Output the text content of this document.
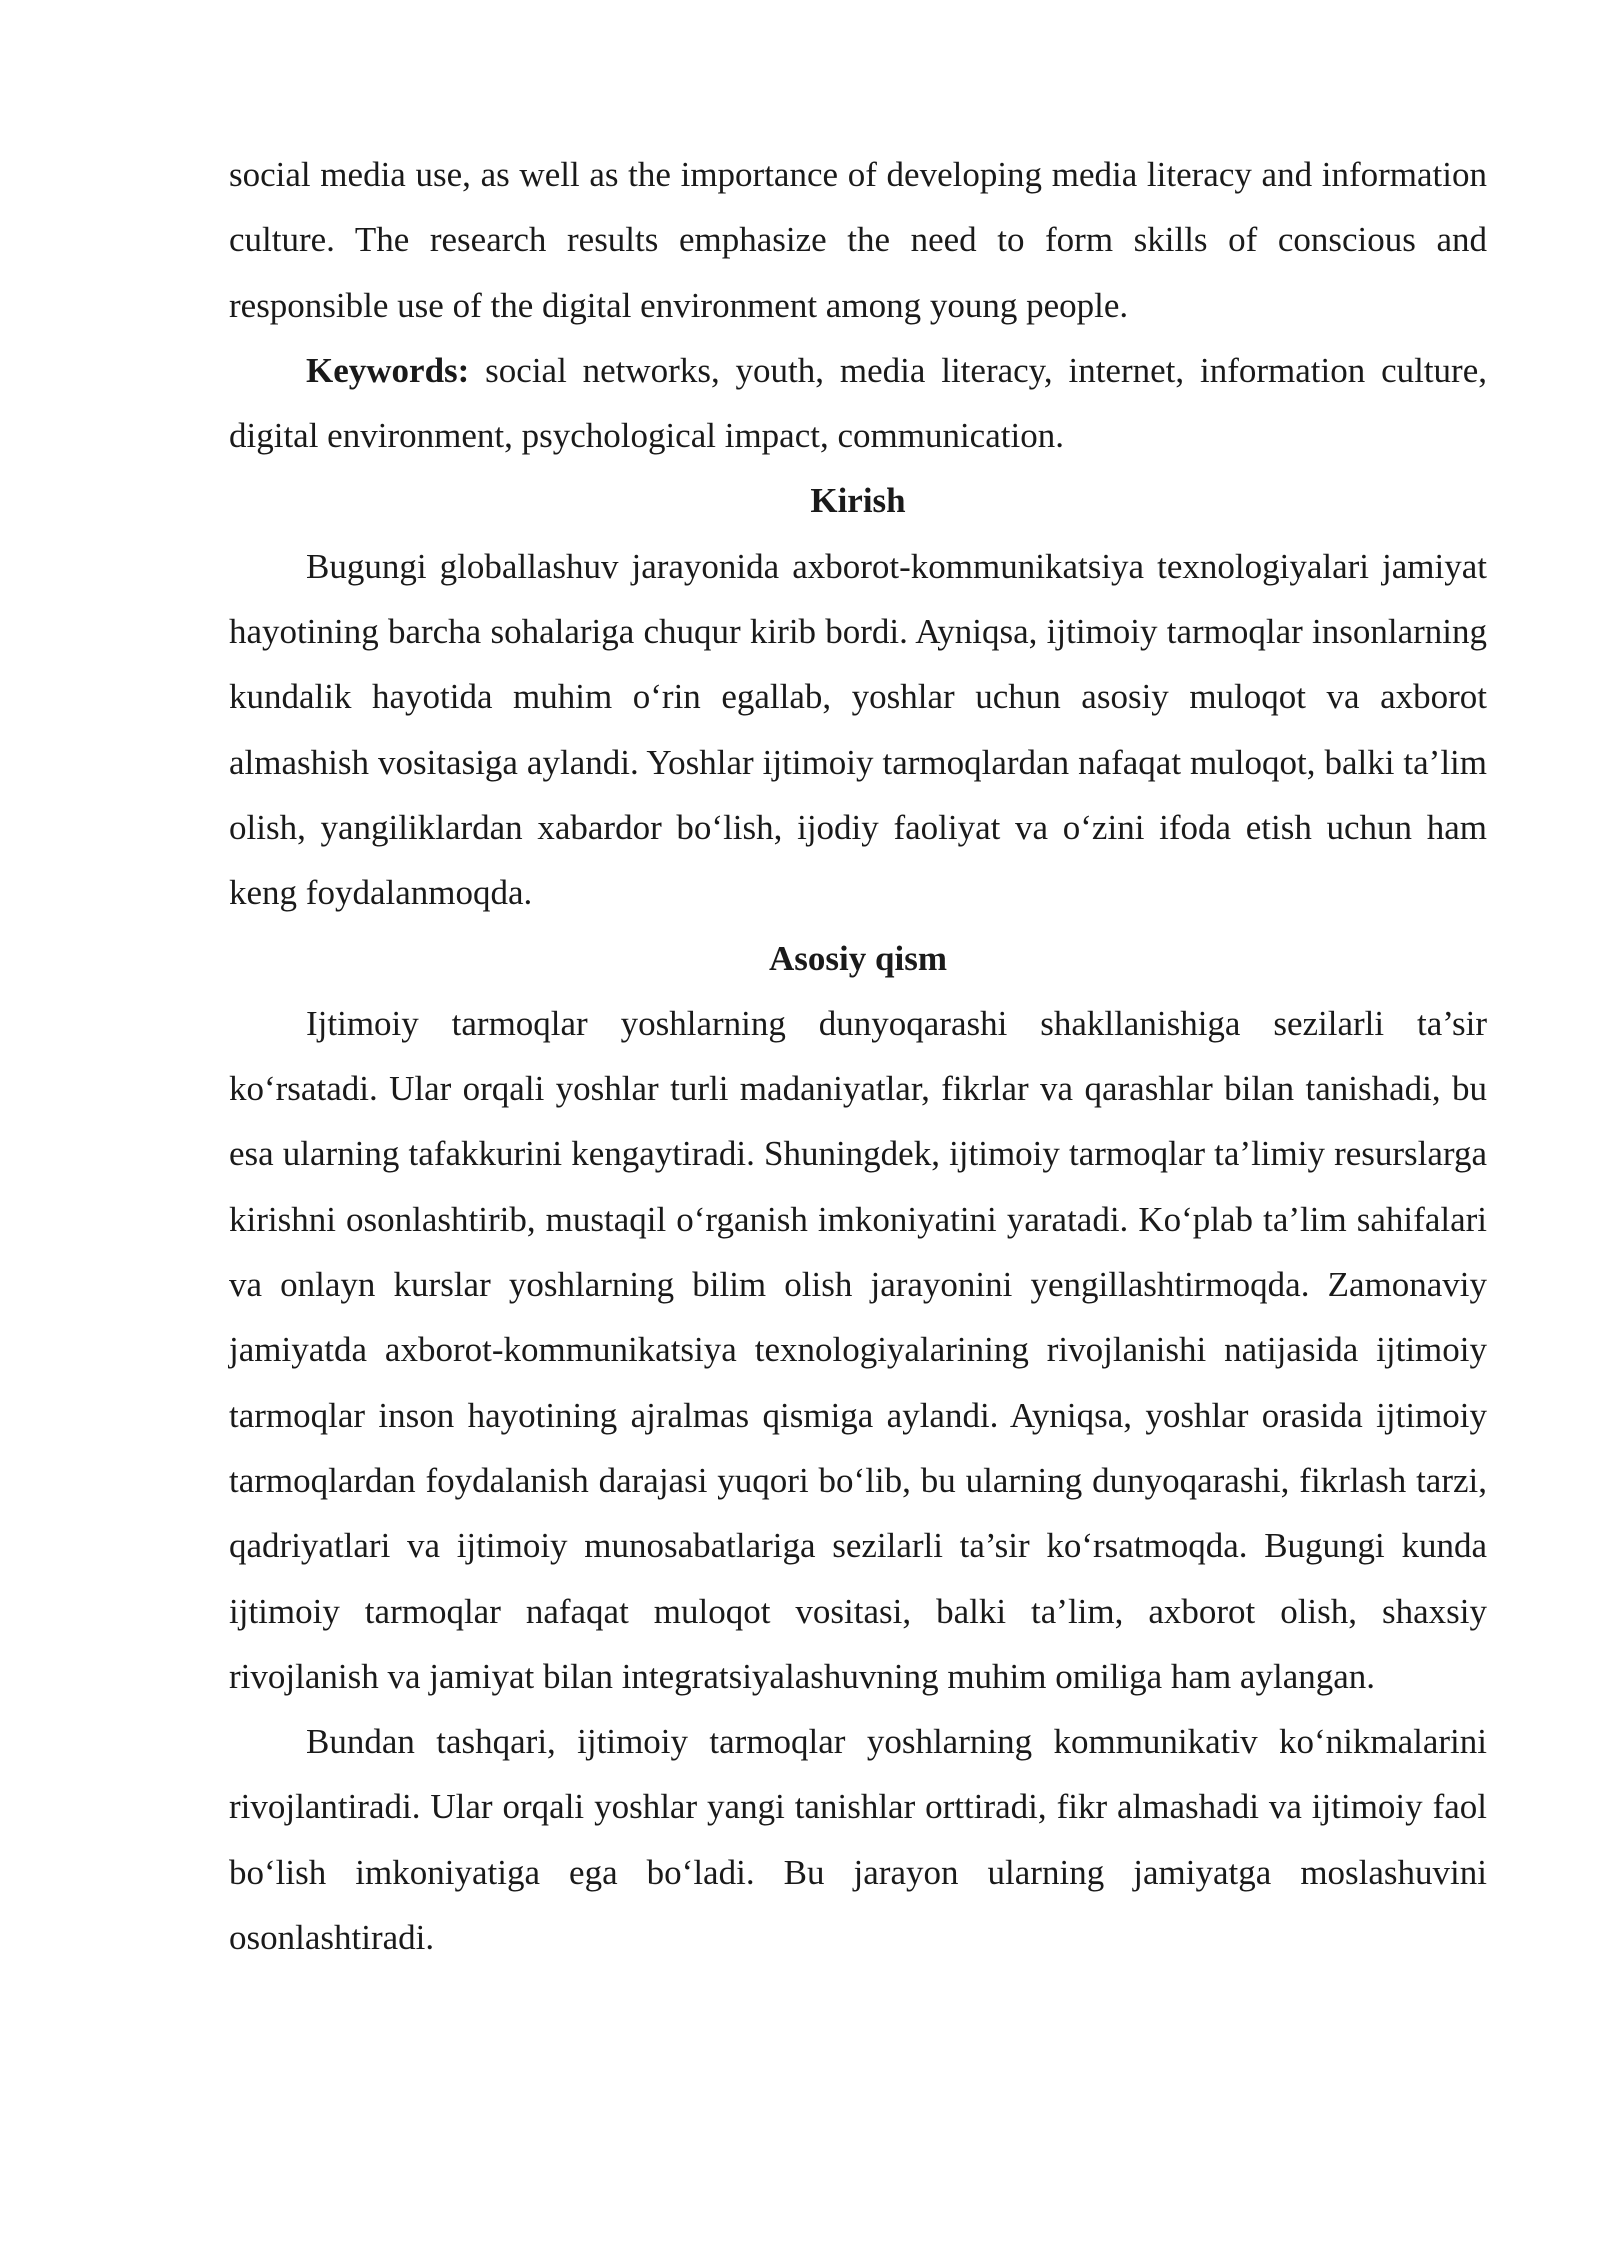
social media use, as well as the importance of developing media literacy and information culture. The research results emphasize the need to form skills of conscious and responsible use of the digital environment among young people.

Keywords: social networks, youth, media literacy, internet, information culture, digital environment, psychological impact, communication.

Kirish

Bugungi globallashuv jarayonida axborot-kommunikatsiya texnologiyalari jamiyat hayotining barcha sohalariga chuqur kirib bordi. Ayniqsa, ijtimoiy tarmoqlar insonlarning kundalik hayotida muhim o‘rin egallab, yoshlar uchun asosiy muloqot va axborot almashish vositasiga aylandi. Yoshlar ijtimoiy tarmoqlardan nafaqat muloqot, balki ta’lim olish, yangiliklardan xabardor bo‘lish, ijodiy faoliyat va o‘zini ifoda etish uchun ham keng foydalanmoqda.

Asosiy qism

Ijtimoiy tarmoqlar yoshlarning dunyoqarashi shakllanishiga sezilarli ta’sir ko‘rsatadi. Ular orqali yoshlar turli madaniyatlar, fikrlar va qarashlar bilan tanishadi, bu esa ularning tafakkurini kengaytiradi. Shuningdek, ijtimoiy tarmoqlar ta’limiy resurslarga kirishni osonlashtirib, mustaqil o‘rganish imkoniyatini yaratadi. Ko‘plab ta’lim sahifalari va onlayn kurslar yoshlarning bilim olish jarayonini yengillashtirmoqda. Zamonaviy jamiyatda axborot-kommunikatsiya texnologiyalarining rivojlanishi natijasida ijtimoiy tarmoqlar inson hayotining ajralmas qismiga aylandi. Ayniqsa, yoshlar orasida ijtimoiy tarmoqlardan foydalanish darajasi yuqori bo‘lib, bu ularning dunyoqarashi, fikrlash tarzi, qadriyatlari va ijtimoiy munosabatlariga sezilarli ta’sir ko‘rsatmoqda. Bugungi kunda ijtimoiy tarmoqlar nafaqat muloqot vositasi, balki ta’lim, axborot olish, shaxsiy rivojlanish va jamiyat bilan integratsiyalashuvning muhim omiliga ham aylangan.

Bundan tashqari, ijtimoiy tarmoqlar yoshlarning kommunikativ ko‘nikmalarini rivojlantiradi. Ular orqali yoshlar yangi tanishlar orttiradi, fikr almashadi va ijtimoiy faol bo‘lish imkoniyatiga ega bo‘ladi. Bu jarayon ularning jamiyatga moslashuvini osonlashtiradi.
